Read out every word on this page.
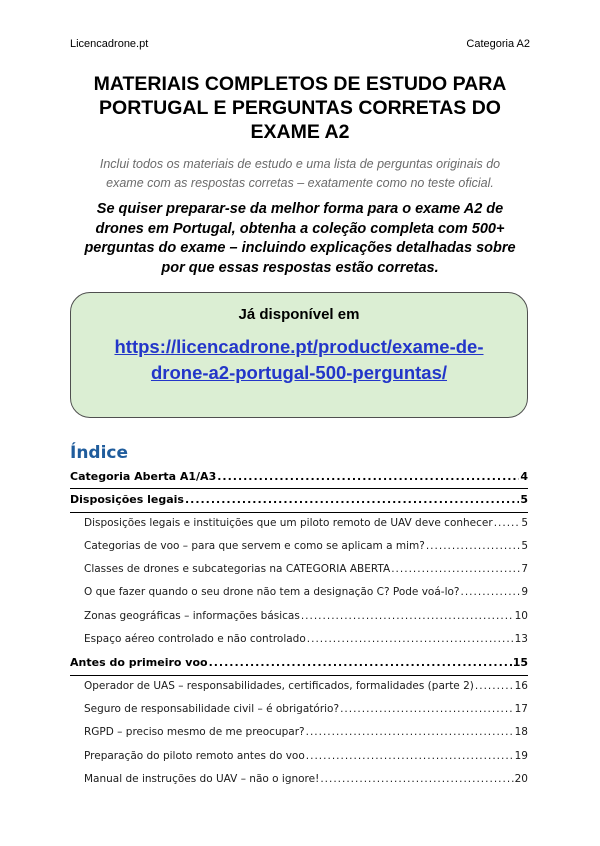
Licencadrone.pt	Categoria A2
MATERIAIS COMPLETOS DE ESTUDO PARA
PORTUGAL E PERGUNTAS CORRETAS DO
EXAME A2
Inclui todos os materiais de estudo e uma lista de perguntas originais do
exame com as respostas corretas – exatamente como no teste oficial.
Se quiser preparar-se da melhor forma para o exame A2 de
drones em Portugal, obtenha a coleção completa com 500+
perguntas do exame – incluindo explicações detalhadas sobre
por que essas respostas estão corretas.
Já disponível em
https://licencadrone.pt/product/exame-de-
drone-a2-portugal-500-perguntas/
Índice
Categoria Aberta A1/A3 .....	4
Disposições legais .....	5
Disposições legais e instituições que um piloto remoto de UAV deve conhecer .....	5
Categorias de voo – para que servem e como se aplicam a mim? .....	5
Classes de drones e subcategorias na CATEGORIA ABERTA .....	7
O que fazer quando o seu drone não tem a designação C? Pode voá-lo? .....	9
Zonas geográficas – informações básicas .....	10
Espaço aéreo controlado e não controlado .....	13
Antes do primeiro voo .....	15
Operador de UAS – responsabilidades, certificados, formalidades (parte 2) .....	16
Seguro de responsabilidade civil – é obrigatório? .....	17
RGPD – preciso mesmo de me preocupar? .....	18
Preparação do piloto remoto antes do voo .....	19
Manual de instruções do UAV – não o ignore! .....	20
